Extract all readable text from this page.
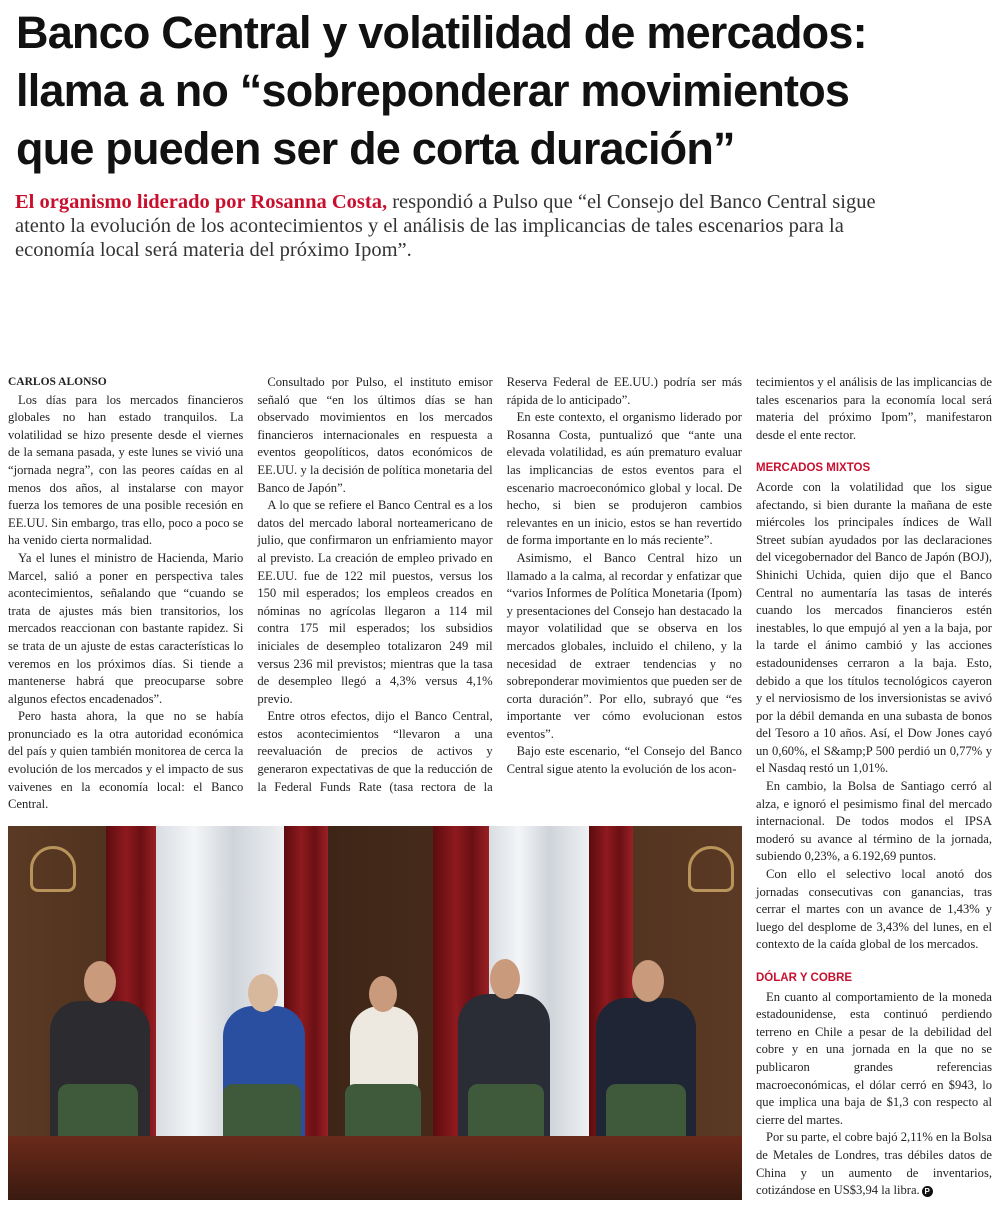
Banco Central y volatilidad de mercados:
llama a no “sobreponderar movimientos
que pueden ser de corta duración”
El organismo liderado por Rosanna Costa, respondió a Pulso que “el Consejo del Banco Central sigue
atento la evolución de los acontecimientos y el análisis de las implicancias de tales escenarios para la
economía local será materia del próximo Ipom”.

CARLOS ALONSO

Los días para los mercados financieros globales no han estado tranquilos. La volatilidad se hizo presente desde el viernes de la semana pasada, y este lunes se vivió una “jornada negra”, con las peores caídas en al menos dos años, al instalarse con mayor fuerza los temores de una posible recesión en EE.UU. Sin embargo, tras ello, poco a poco se ha venido cierta normalidad.

Ya el lunes el ministro de Hacienda, Mario Marcel, salió a poner en perspectiva tales acontecimientos, señalando que “cuando se trata de ajustes más bien transitorios, los mercados reaccionan con bastante rapidez. Si se trata de un ajuste de estas características lo veremos en los próximos días. Si tiende a mantenerse habrá que preocuparse sobre algunos efectos encadenados”.

Pero hasta ahora, la que no se había pronunciado es la otra autoridad económica del país y quien también monitorea de cerca la evolución de los mercados y el impacto de sus vaivenes en la economía local: el Banco Central.

Consultado por Pulso, el instituto emisor señaló que “en los últimos días se han observado movimientos en los mercados financieros internacionales en respuesta a eventos geopolíticos, datos económicos de EE.UU. y la decisión de política monetaria del Banco de Japón”.

A lo que se refiere el Banco Central es a los datos del mercado laboral norteamericano de julio, que confirmaron un enfriamiento mayor al previsto. La creación de empleo privado en EE.UU. fue de 122 mil puestos, versus los 150 mil esperados; los empleos creados en nóminas no agrícolas llegaron a 114 mil contra 175 mil esperados; los subsidios iniciales de desempleo totalizaron 249 mil versus 236 mil previstos; mientras que la tasa de desempleo llegó a 4,3% versus 4,1% previo.

Entre otros efectos, dijo el Banco Central, estos acontecimientos “llevaron a una reevaluación de precios de activos y generaron expectativas de que la reducción de la Federal Funds Rate (tasa rectora de la Reserva Federal de EE.UU.) podría ser más rápida de lo anticipado”.

En este contexto, el organismo liderado por Rosanna Costa, puntualizó que “ante una elevada volatilidad, es aún prematuro evaluar las implicancias de estos eventos para el escenario macroeconómico global y local. De hecho, si bien se produjeron cambios relevantes en un inicio, estos se han revertido de forma importante en lo más reciente”.

Asimismo, el Banco Central hizo un llamado a la calma, al recordar y enfatizar que “varios Informes de Política Monetaria (Ipom) y presentaciones del Consejo han destacado la mayor volatilidad que se observa en los mercados globales, incluido el chileno, y la necesidad de extraer tendencias y no sobreponderar movimientos que pueden ser de corta duración”. Por ello, subrayó que “es importante ver cómo evolucionan estos eventos”.

Bajo este escenario, “el Consejo del Banco Central sigue atento la evolución de los acon-

tecimientos y el análisis de las implicancias de tales escenarios para la economía local será materia del próximo Ipom”, manifestaron desde el ente rector.

MERCADOS MIXTOS

Acorde con la volatilidad que los sigue afectando, si bien durante la mañana de este miércoles los principales índices de Wall Street subían ayudados por las declaraciones del vicegobernador del Banco de Japón (BOJ), Shinichi Uchida, quien dijo que el Banco Central no aumentaría las tasas de interés cuando los mercados financieros estén inestables, lo que empujó al yen a la baja, por la tarde el ánimo cambió y las acciones estadounidenses cerraron a la baja. Esto, debido a que los títulos tecnológicos cayeron y el nerviosismo de los inversionistas se avivó por la débil demanda en una subasta de bonos del Tesoro a 10 años. Así, el Dow Jones cayó un 0,60%, el S&amp;P 500 perdió un 0,77% y el Nasdaq restó un 1,01%.

En cambio, la Bolsa de Santiago cerró al alza, e ignoró el pesimismo final del mercado internacional. De todos modos el IPSA moderó su avance al término de la jornada, subiendo 0,23%, a 6.192,69 puntos.

Con ello el selectivo local anotó dos jornadas consecutivas con ganancias, tras cerrar el martes con un avance de 1,43% y luego del desplome de 3,43% del lunes, en el contexto de la caída global de los mercados.

DÓLAR Y COBRE

En cuanto al comportamiento de la moneda estadounidense, esta continuó perdiendo terreno en Chile a pesar de la debilidad del cobre y en una jornada en la que no se publicaron grandes referencias macroeconómicas, el dólar cerró en $943, lo que implica una baja de $1,3 con respecto al cierre del martes.

Por su parte, el cobre bajó 2,11% en la Bolsa de Metales de Londres, tras débiles datos de China y un aumento de inventarios, cotizándose en US$3,94 la libra. P
